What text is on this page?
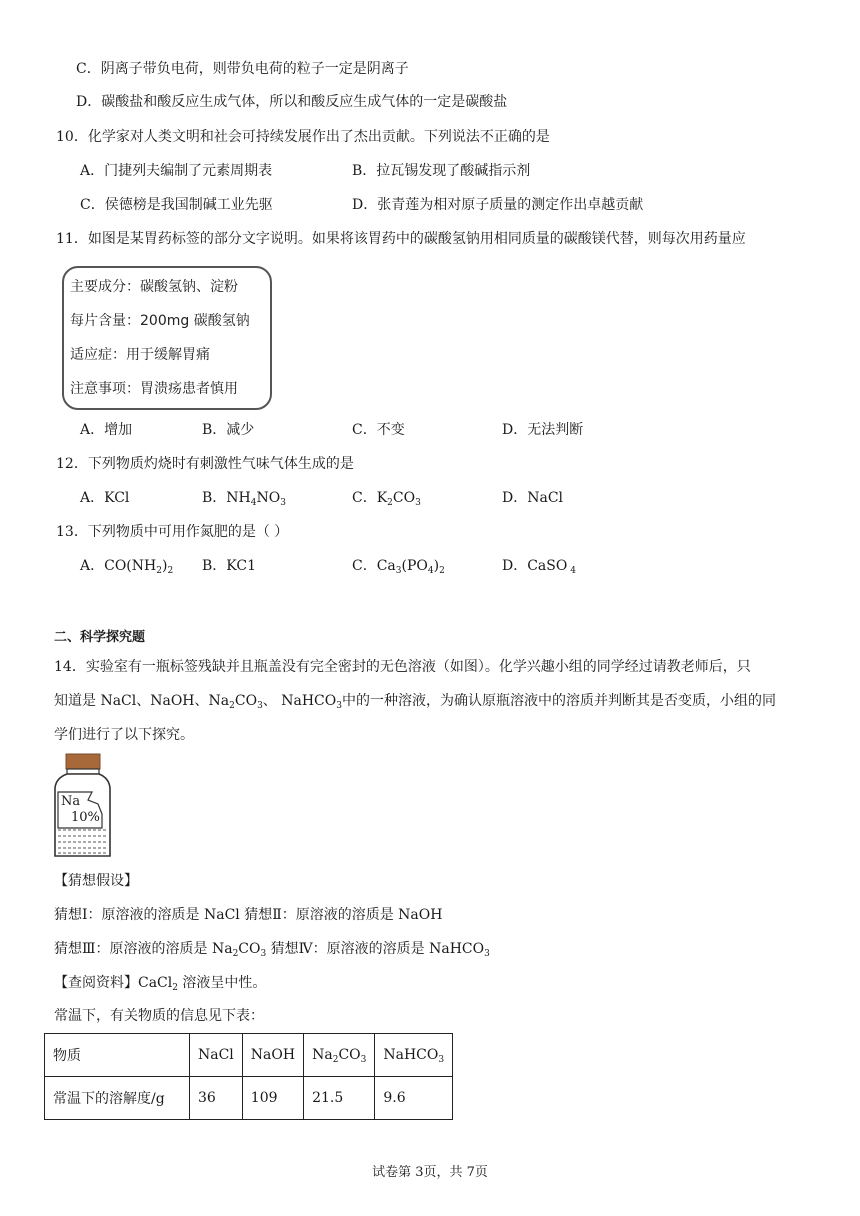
C．阴离子带负电荷，则带负电荷的粒子一定是阴离子
D．碳酸盐和酸反应生成气体，所以和酸反应生成气体的一定是碳酸盐
10．化学家对人类文明和社会可持续发展作出了杰出贡献。下列说法不正确的是
A．门捷列夫编制了元素周期表	B．拉瓦锡发现了酸碱指示剂
C．侯德榜是我国制碱工业先驱	D．张青莲为相对原子质量的测定作出卓越贡献
11．如图是某胃药标签的部分文字说明。如果将该胃药中的碳酸氢钠用相同质量的碳酸镁代替，则每次用药量应
主要成分：碳酸氢钠、淀粉
每片含量：200mg 碳酸氢钠
适应症：用于缓解胃痛
注意事项：胃溃疡患者慎用
A．增加	B．减少	C．不变	D．无法判断
12．下列物质灼烧时有刺激性气味气体生成的是
A．KCl	B．$NH_4NO_3$	C．$K_2CO_3$	D．NaCl
13．下列物质中可用作氮肥的是（ ）
A．$CO(NH_2)_2$ B．KC1	C．$Ca_3(PO_4)_2$	D．CaSO $_4$
二、科学探究题
14．实验室有一瓶标签残缺并且瓶盖没有完全密封的无色溶液（如图）。化学兴趣小组的同学经过请教老师后，只
知道是 NaCl、NaOH、$Na_2CO_3$、 NaHCO$_3$中的一种溶液，为确认原瓶溶液中的溶质并判断其是否变质，小组的同
学们进行了以下探究。
Na
10%
【猜想假设】
猜想Ⅰ：原溶液的溶质是 NaCl 猜想Ⅱ：原溶液的溶质是 NaOH
猜想Ⅲ：原溶液的溶质是 $Na_2CO_3$ 猜想Ⅳ：原溶液的溶质是 NaHCO$_3$
【查阅资料】CaCl$_2$ 溶液呈中性。
常温下，有关物质的信息见下表：
物质	NaCl	NaOH	$Na_2CO_3$	NaHCO$_3$
常温下的溶解度/g	36	109	21.5	9.6
试卷第 3页，共 7页
